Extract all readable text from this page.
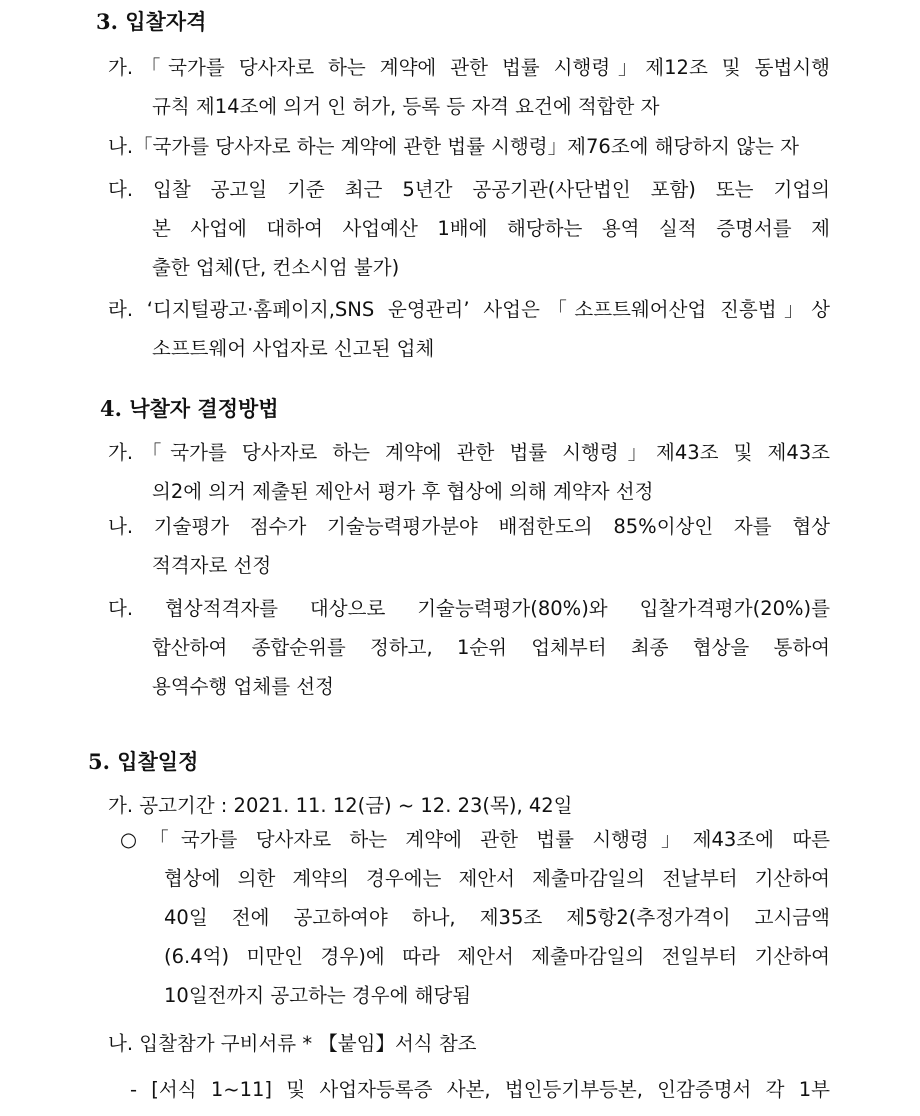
3. 입찰자격
가.「국가를 당사자로 하는 계약에 관한 법률 시행령」제12조 및 동법시행
규칙 제14조에 의거 인 허가, 등록 등 자격 요건에 적합한 자
나.「국가를 당사자로 하는 계약에 관한 법률 시행령」제76조에 해당하지 않는 자
다. 입찰 공고일 기준 최근 5년간 공공기관(사단법인 포함) 또는 기업의
본 사업에 대하여 사업예산 1배에 해당하는 용역 실적 증명서를 제
출한 업체(단, 컨소시엄 불가)
라. ‘디지털광고·홈페이지,SNS 운영관리’ 사업은「소프트웨어산업 진흥법」상
소프트웨어 사업자로 신고된 업체
4. 낙찰자 결정방법
가.「국가를 당사자로 하는 계약에 관한 법률 시행령」제43조 및 제43조
의2에 의거 제출된 제안서 평가 후 협상에 의해 계약자 선정
나. 기술평가 점수가 기술능력평가분야 배점한도의 85%이상인 자를 협상
적격자로 선정
다. 협상적격자를 대상으로 기술능력평가(80%)와 입찰가격평가(20%)를
합산하여 종합순위를 정하고, 1순위 업체부터 최종 협상을 통하여
용역수행 업체를 선정
5. 입찰일정
가. 공고기간 : 2021. 11. 12(금) ~ 12. 23(목), 42일
○「국가를 당사자로 하는 계약에 관한 법률 시행령」제43조에 따른
협상에 의한 계약의 경우에는 제안서 제출마감일의 전날부터 기산하여
40일 전에 공고하여야 하나, 제35조 제5항2(추정가격이 고시금액
(6.4억) 미만인 경우)에 따라 제안서 제출마감일의 전일부터 기산하여
10일전까지 공고하는 경우에 해당됨
나. 입찰참가 구비서류 * 【붙임】서식 참조
- [서식 1~11] 및 사업자등록증 사본, 법인등기부등본, 인감증명서 각 1부
